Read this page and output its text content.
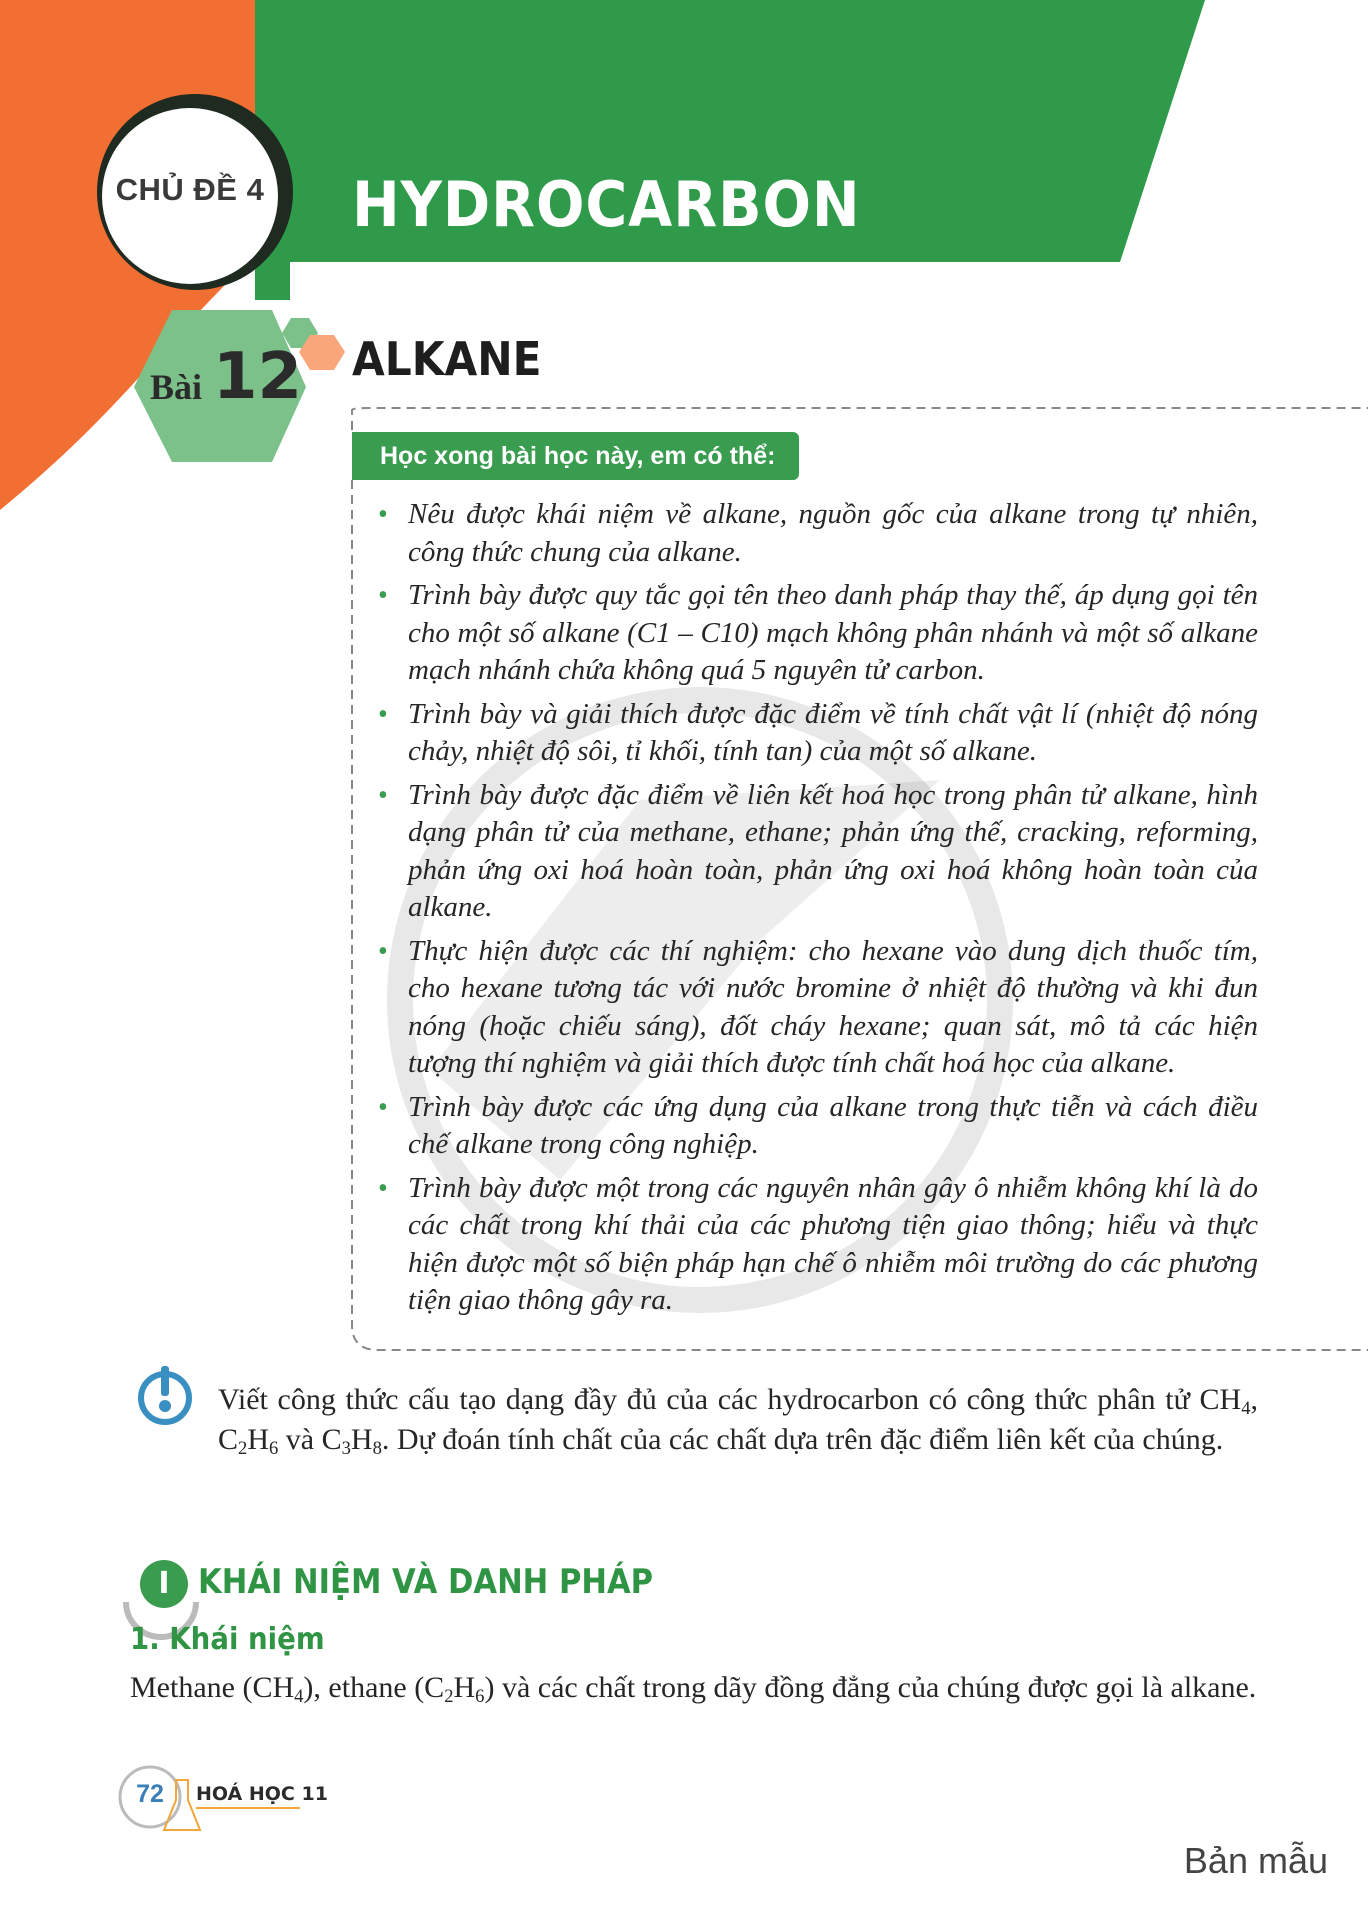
CHỦ ĐỀ 4 HYDROCARBON
Bài 12 ALKANE
Học xong bài học này, em có thể:
• Nêu được khái niệm về alkane, nguồn gốc của alkane trong tự nhiên, công thức chung của alkane.
• Trình bày được quy tắc gọi tên theo danh pháp thay thế, áp dụng gọi tên cho một số alkane (C1 – C10) mạch không phân nhánh và một số alkane mạch nhánh chứa không quá 5 nguyên tử carbon.
• Trình bày và giải thích được đặc điểm về tính chất vật lí (nhiệt độ nóng chảy, nhiệt độ sôi, tỉ khối, tính tan) của một số alkane.
• Trình bày được đặc điểm về liên kết hoá học trong phân tử alkane, hình dạng phân tử của methane, ethane; phản ứng thế, cracking, reforming, phản ứng oxi hoá hoàn toàn, phản ứng oxi hoá không hoàn toàn của alkane.
• Thực hiện được các thí nghiệm: cho hexane vào dung dịch thuốc tím, cho hexane tương tác với nước bromine ở nhiệt độ thường và khi đun nóng (hoặc chiếu sáng), đốt cháy hexane; quan sát, mô tả các hiện tượng thí nghiệm và giải thích được tính chất hoá học của alkane.
• Trình bày được các ứng dụng của alkane trong thực tiễn và cách điều chế alkane trong công nghiệp.
• Trình bày được một trong các nguyên nhân gây ô nhiễm không khí là do các chất trong khí thải của các phương tiện giao thông; hiểu và thực hiện được một số biện pháp hạn chế ô nhiễm môi trường do các phương tiện giao thông gây ra.
Viết công thức cấu tạo dạng đầy đủ của các hydrocarbon có công thức phân tử $CH_4$, $C_2H_6$ và $C_3H_8$. Dự đoán tính chất của các chất dựa trên đặc điểm liên kết của chúng.
I KHÁI NIỆM VÀ DANH PHÁP
1. Khái niệm
Methane $(CH_4)$, ethane $(C_2H_6)$ và các chất trong dãy đồng đẳng của chúng được gọi là alkane.
72	HOÁ HỌC 11
Bản mẫu
